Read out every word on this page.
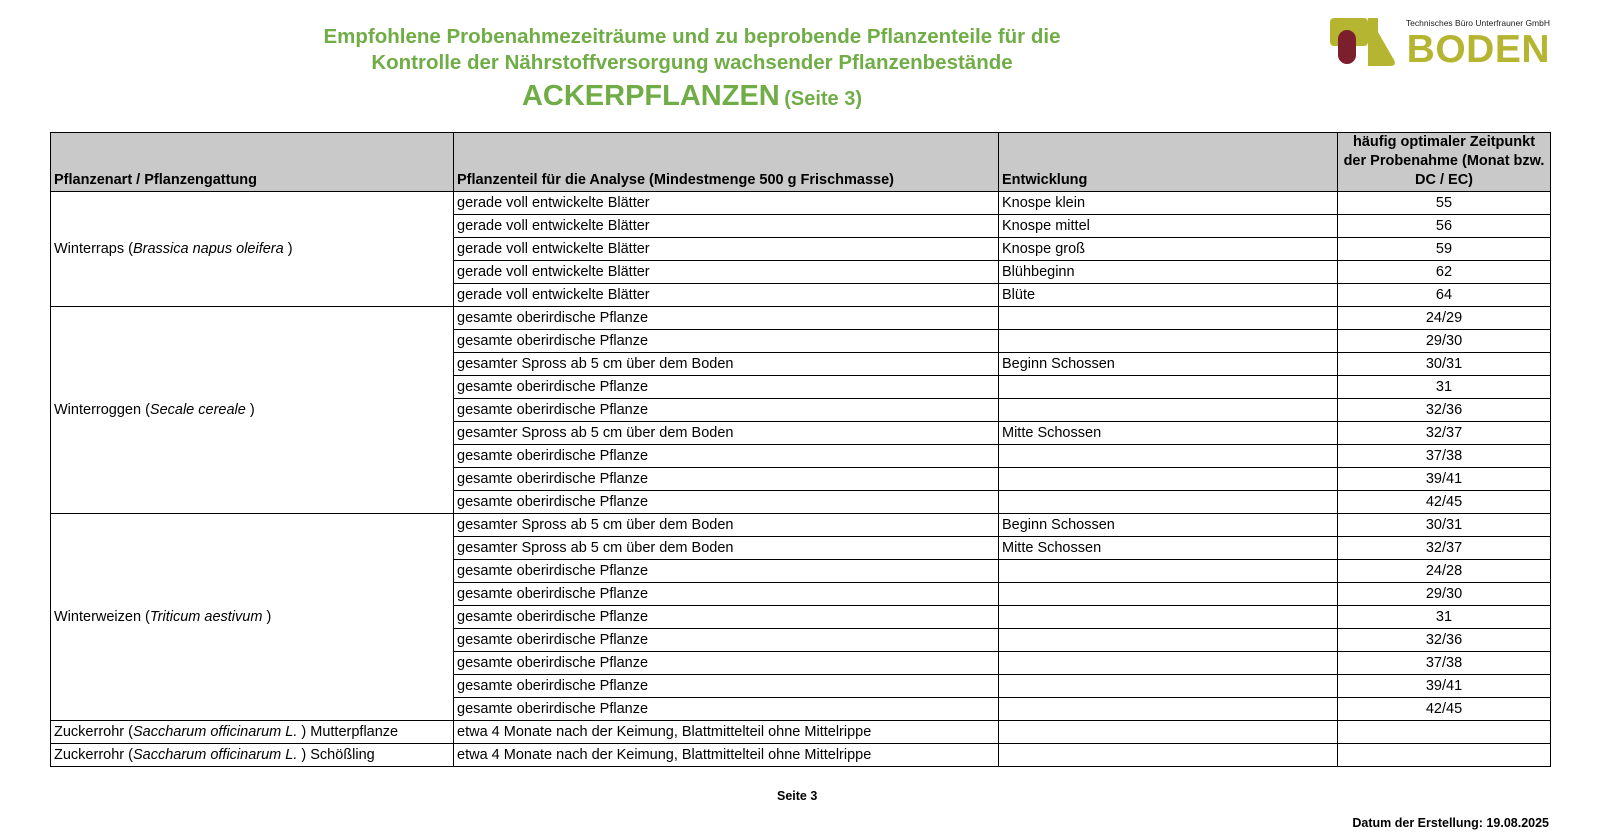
Empfohlene Probenahmezeiträume und zu beprobende Pflanzenteile für die
Kontrolle der Nährstoffversorgung wachsender Pflanzenbestände
ACKERPFLANZEN (Seite 3)
Technisches Büro Unterfrauner GmbH
BODEN
Pflanzenart / Pflanzengattung	Pflanzenteil für die Analyse (Mindestmenge 500 g Frischmasse)	Entwicklung	häufig optimaler Zeitpunkt der Probenahme (Monat bzw. DC / EC)
Winterraps (Brassica napus oleifera )	gerade voll entwickelte Blätter	Knospe klein	55
	gerade voll entwickelte Blätter	Knospe mittel	56
	gerade voll entwickelte Blätter	Knospe groß	59
	gerade voll entwickelte Blätter	Blühbeginn	62
	gerade voll entwickelte Blätter	Blüte	64
Winterroggen (Secale cereale )	gesamte oberirdische Pflanze		24/29
	gesamte oberirdische Pflanze		29/30
	gesamter Spross ab 5 cm über dem Boden	Beginn Schossen	30/31
	gesamte oberirdische Pflanze		31
	gesamte oberirdische Pflanze		32/36
	gesamter Spross ab 5 cm über dem Boden	Mitte Schossen	32/37
	gesamte oberirdische Pflanze		37/38
	gesamte oberirdische Pflanze		39/41
	gesamte oberirdische Pflanze		42/45
Winterweizen (Triticum aestivum )	gesamter Spross ab 5 cm über dem Boden	Beginn Schossen	30/31
	gesamter Spross ab 5 cm über dem Boden	Mitte Schossen	32/37
	gesamte oberirdische Pflanze		24/28
	gesamte oberirdische Pflanze		29/30
	gesamte oberirdische Pflanze		31
	gesamte oberirdische Pflanze		32/36
	gesamte oberirdische Pflanze		37/38
	gesamte oberirdische Pflanze		39/41
	gesamte oberirdische Pflanze		42/45
Zuckerrohr (Saccharum officinarum L. ) Mutterpflanze	etwa 4 Monate nach der Keimung, Blattmittelteil ohne Mittelrippe		
Zuckerrohr (Saccharum officinarum L. ) Schößling	etwa 4 Monate nach der Keimung, Blattmittelteil ohne Mittelrippe		
Seite 3
Datum der Erstellung: 19.08.2025
